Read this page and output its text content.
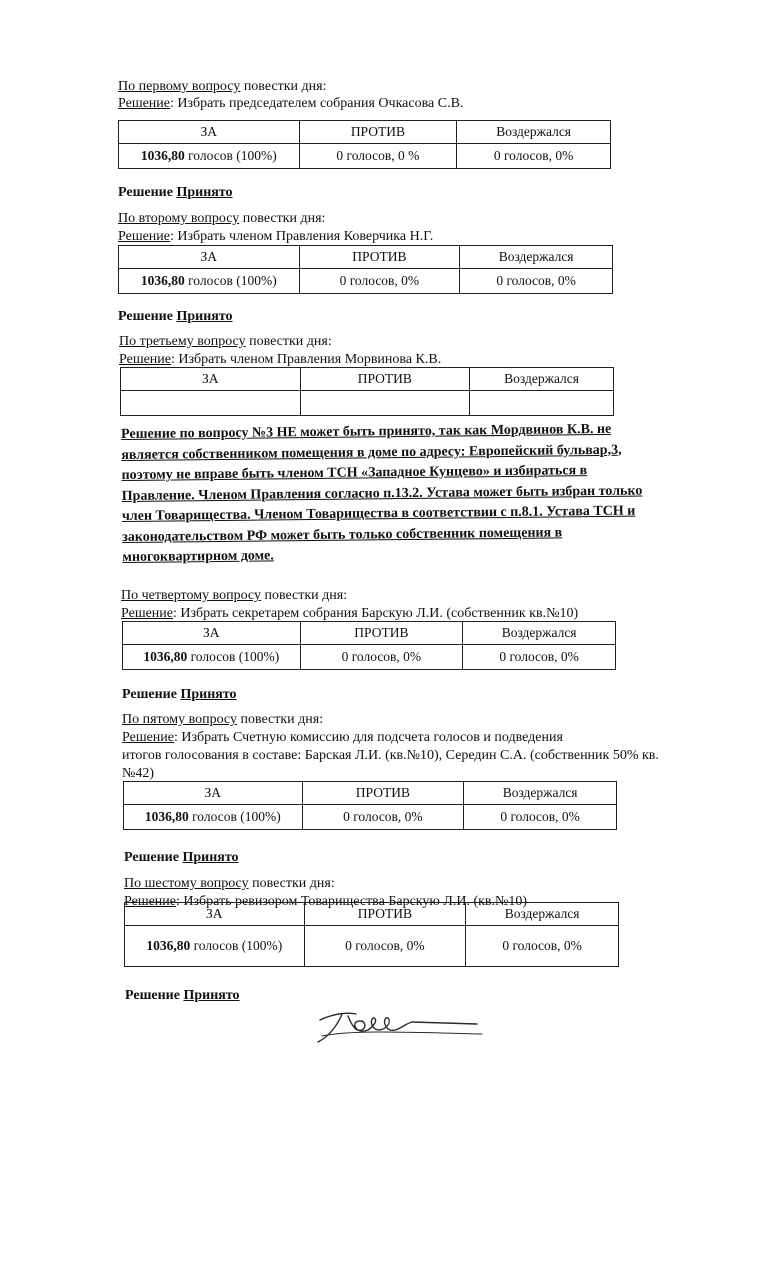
По первому вопросу повестки дня:
Решение: Избрать председателем собрания Очкасова С.В.
ЗА	ПРОТИВ	Воздержался
1036,80 голосов (100%)	0 голосов, 0 %	0 голосов, 0%
Решение Принято
По второму вопросу повестки дня:
Решение: Избрать членом Правления Коверчика Н.Г.
ЗА	ПРОТИВ	Воздержался
1036,80 голосов (100%)	0 голосов, 0%	0 голосов, 0%
Решение Принято
По третьему вопросу повестки дня:
Решение: Избрать членом Правления Морвинова К.В.
ЗА	ПРОТИВ	Воздержался

Решение по вопросу №3 НЕ может быть принято, так как Мордвинов К.В. не
является собственником помещения в доме по адресу: Европейский бульвар,3,
поэтому не вправе быть членом ТСН «Западное Кунцево» и избираться в
Правление. Членом Правления согласно п.13.2. Устава может быть избран только
член Товарищества. Членом Товарищества в соответствии с п.8.1. Устава ТСН и
законодательством РФ может быть только собственник помещения в
многоквартирном доме.
По четвертому вопросу повестки дня:
Решение: Избрать секретарем собрания Барскую Л.И. (собственник кв.№10)
ЗА	ПРОТИВ	Воздержался
1036,80 голосов (100%)	0 голосов, 0%	0 голосов, 0%
Решение Принято
По пятому вопросу повестки дня:
Решение: Избрать Счетную комиссию для подсчета голосов и подведения
итогов голосования в составе: Барская Л.И. (кв.№10), Середин С.А. (собственник 50% кв.
№42)
ЗА	ПРОТИВ	Воздержался
1036,80 голосов (100%)	0 голосов, 0%	0 голосов, 0%
Решение Принято
По шестому вопросу повестки дня:
Решение: Избрать ревизором Товарищества Барскую Л.И. (кв.№10)
ЗА	ПРОТИВ	Воздержался
1036,80 голосов (100%)	0 голосов, 0%	0 голосов, 0%
Решение Принято
